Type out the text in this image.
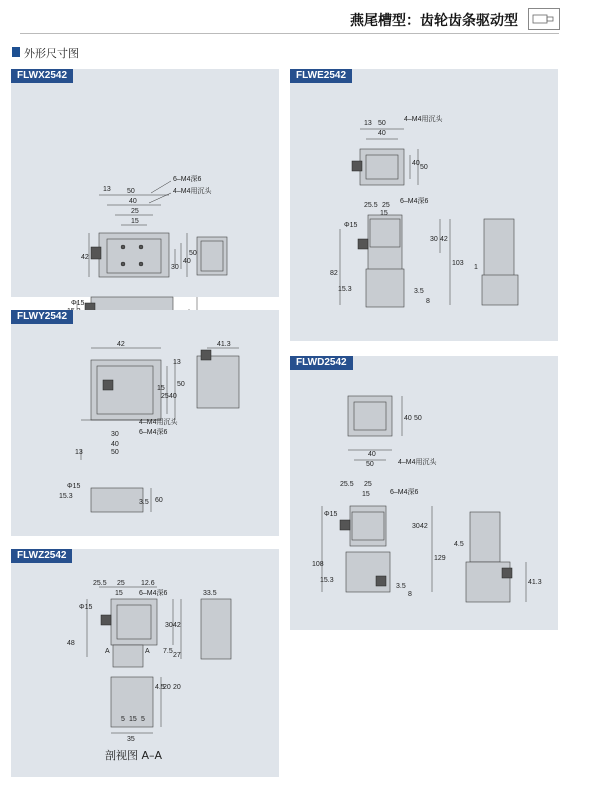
燕尾槽型：齿轮齿条驱动型
外形尺寸图
FLWX2542
13 50
40
25
15
6–M4深6
4–M4用沉头
42
50
40
30
Φ15
FLWE2542
13 50
40
4–M4用沉头
50
40
25.5 25
15
6–M4深6
Φ15
30 42
103
82
15.3	3.5
8
1
FLWY2542
42	41.3
13
15
25 40
50
4–M4用沉头
6–M4深6
30
40
13	50
15.3
Φ15
3.5 60
FLWD2542
40
50
40 50
4–M4用沉头
25.5 25
15	6–M4深6
Φ15
30 42
129
108
15.3
3.5
8
4.5
41.3
FLWZ2542
25.5 25 12.6
15 6–M4深6	33.5
Φ15
48
30 42
7.5
27
A	A
4.5
20 20
5 15 5
35
剖视图 A–A
